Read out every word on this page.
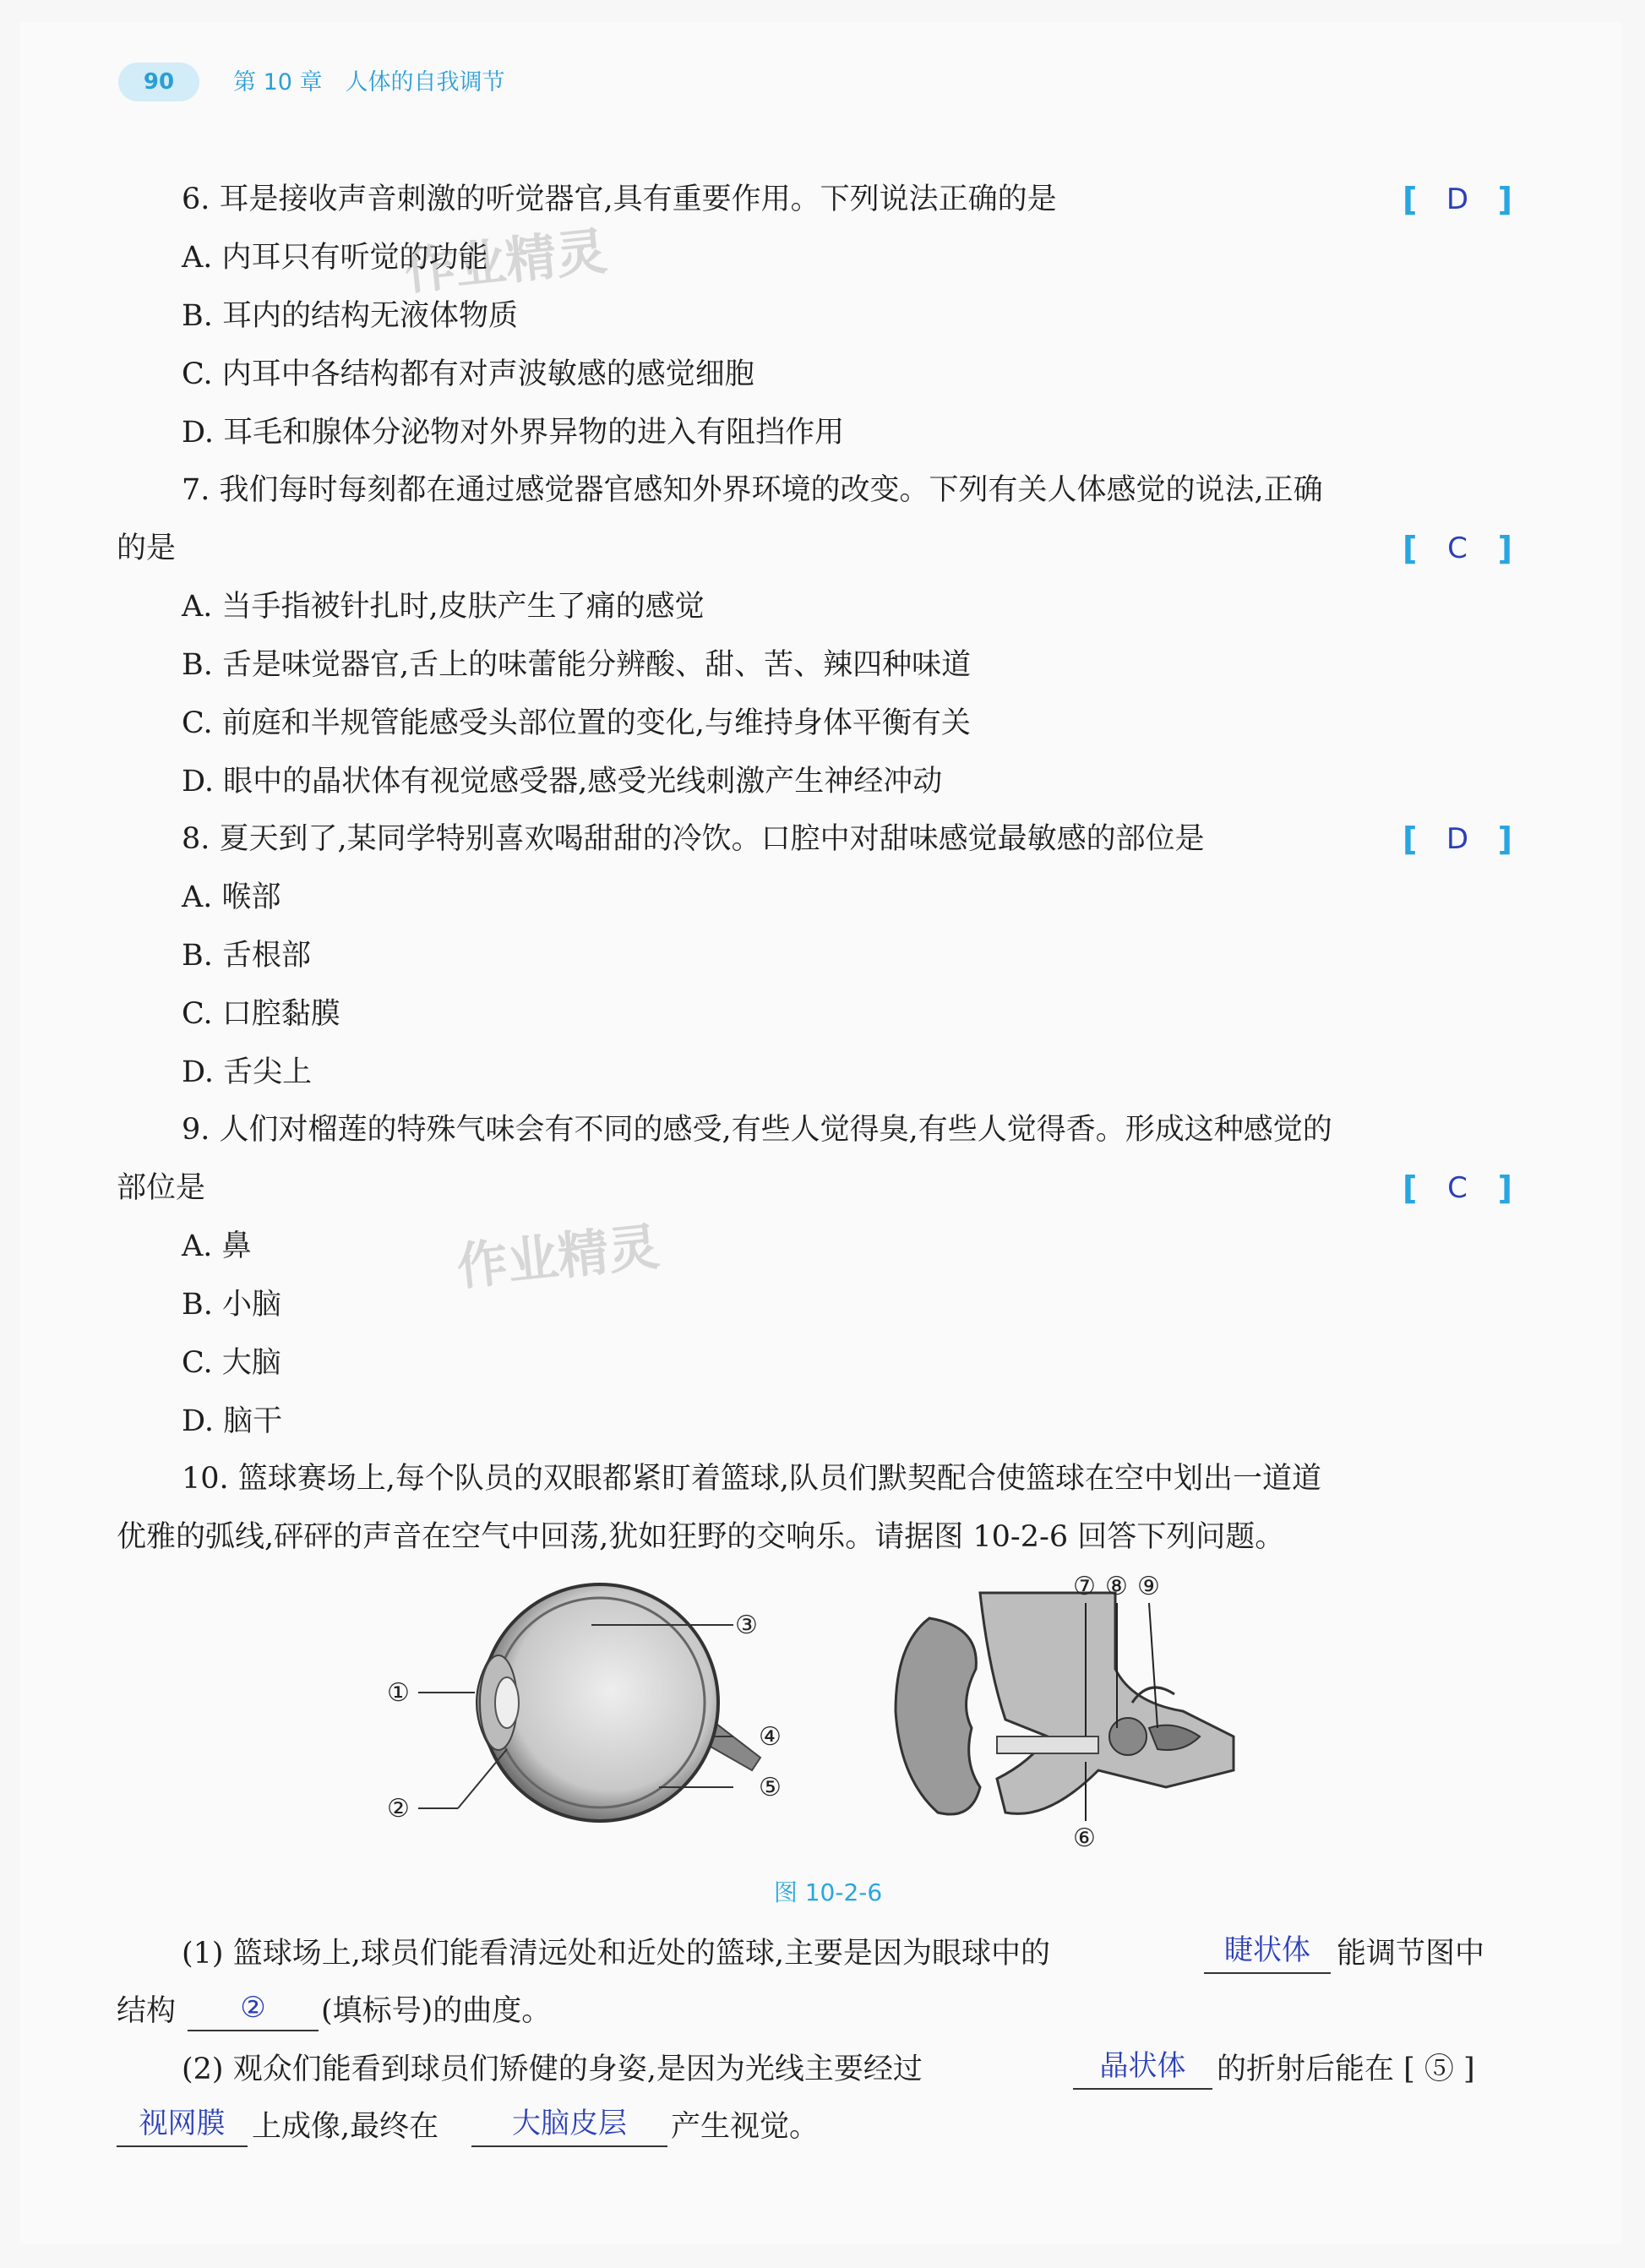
90	第 10 章　人体的自我调节
作业精灵
作业精灵
6. 耳是接收声音刺激的听觉器官,具有重要作用。下列说法正确的是	[	D ]
A. 内耳只有听觉的功能
B. 耳内的结构无液体物质
C. 内耳中各结构都有对声波敏感的感觉细胞
D. 耳毛和腺体分泌物对外界异物的进入有阻挡作用
7. 我们每时每刻都在通过感觉器官感知外界环境的改变。下列有关人体感觉的说法,正确
的是	[	C ]
A. 当手指被针扎时,皮肤产生了痛的感觉
B. 舌是味觉器官,舌上的味蕾能分辨酸、甜、苦、辣四种味道
C. 前庭和半规管能感受头部位置的变化,与维持身体平衡有关
D. 眼中的晶状体有视觉感受器,感受光线刺激产生神经冲动
8. 夏天到了,某同学特别喜欢喝甜甜的冷饮。口腔中对甜味感觉最敏感的部位是	[	D ]
A. 喉部
B. 舌根部
C. 口腔黏膜
D. 舌尖上
9. 人们对榴莲的特殊气味会有不同的感受,有些人觉得臭,有些人觉得香。形成这种感觉的
部位是	[	C ]
A. 鼻
B. 小脑
C. 大脑
D. 脑干
10. 篮球赛场上,每个队员的双眼都紧盯着篮球,队员们默契配合使篮球在空中划出一道道
优雅的弧线,砰砰的声音在空气中回荡,犹如狂野的交响乐。请据图 10-2-6 回答下列问题。
①
②
③
④
⑤
⑦ ⑧ ⑨
⑥
图 10-2-6
(1) 篮球场上,球员们能看清远处和近处的篮球,主要是因为眼球中的	睫状体 能调节图中
结构	②	(填标号)的曲度。
(2) 观众们能看到球员们矫健的身姿,是因为光线主要经过	晶状体	的折射后能在 [ ⑤ ]
视网膜 上成像,最终在	大脑皮层	产生视觉。
